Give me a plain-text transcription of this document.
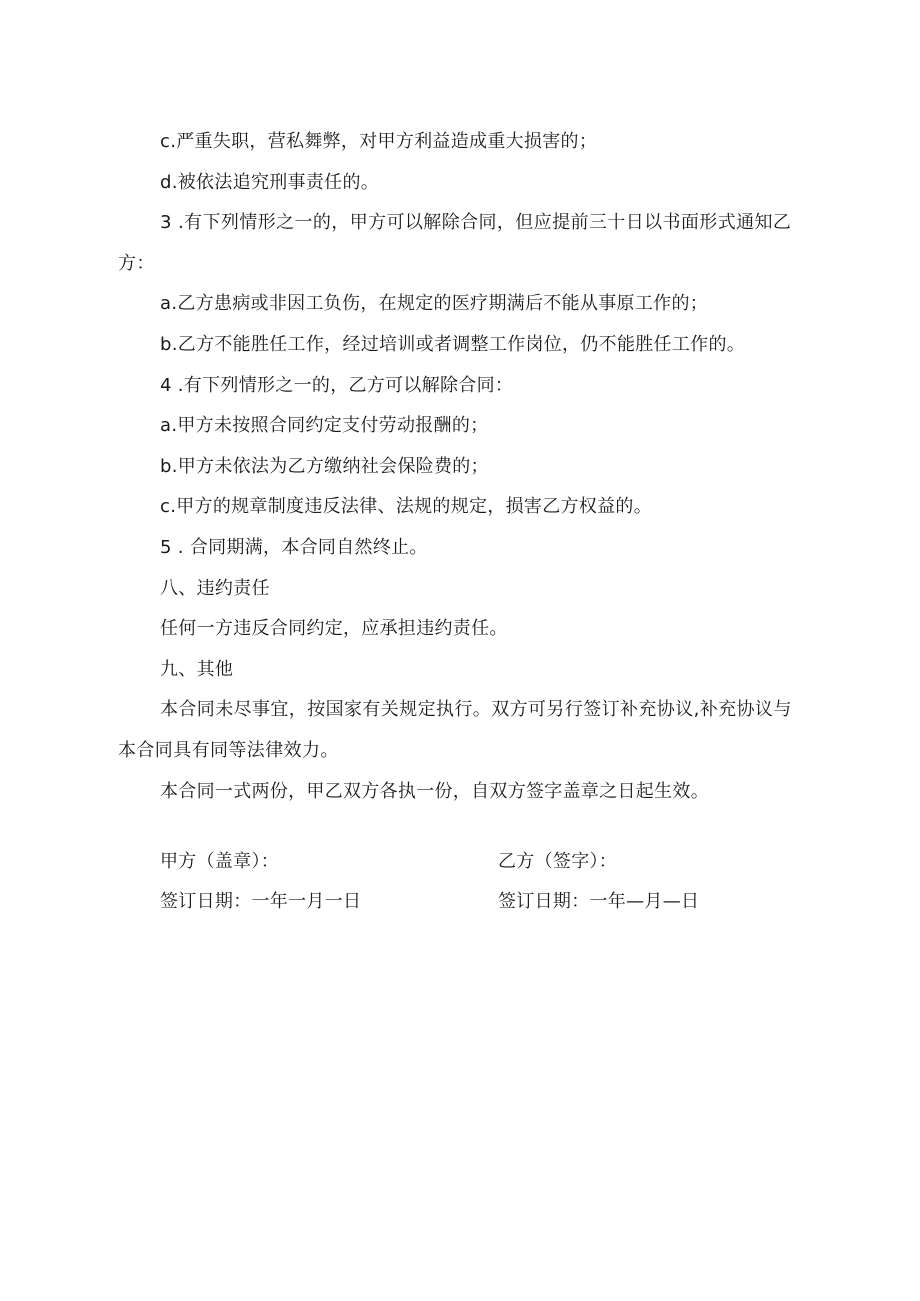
c.严重失职，营私舞弊，对甲方利益造成重大损害的；
d.被依法追究刑事责任的。
3 .有下列情形之一的，甲方可以解除合同，但应提前三十日以书面形式通知乙方：
a.乙方患病或非因工负伤，在规定的医疗期满后不能从事原工作的；
b.乙方不能胜任工作，经过培训或者调整工作岗位，仍不能胜任工作的。
4 .有下列情形之一的，乙方可以解除合同：
a.甲方未按照合同约定支付劳动报酬的；
b.甲方未依法为乙方缴纳社会保险费的；
c.甲方的规章制度违反法律、法规的规定，损害乙方权益的。
5 . 合同期满，本合同自然终止。
八、违约责任
任何一方违反合同约定，应承担违约责任。
九、其他
本合同未尽事宜，按国家有关规定执行。双方可另行签订补充协议,补充协议与本合同具有同等法律效力。
本合同一式两份，甲乙双方各执一份，自双方签字盖章之日起生效。
甲方（盖章）：	乙方（签字）：
签订日期：一年一月一日	签订日期：一年—月—日
